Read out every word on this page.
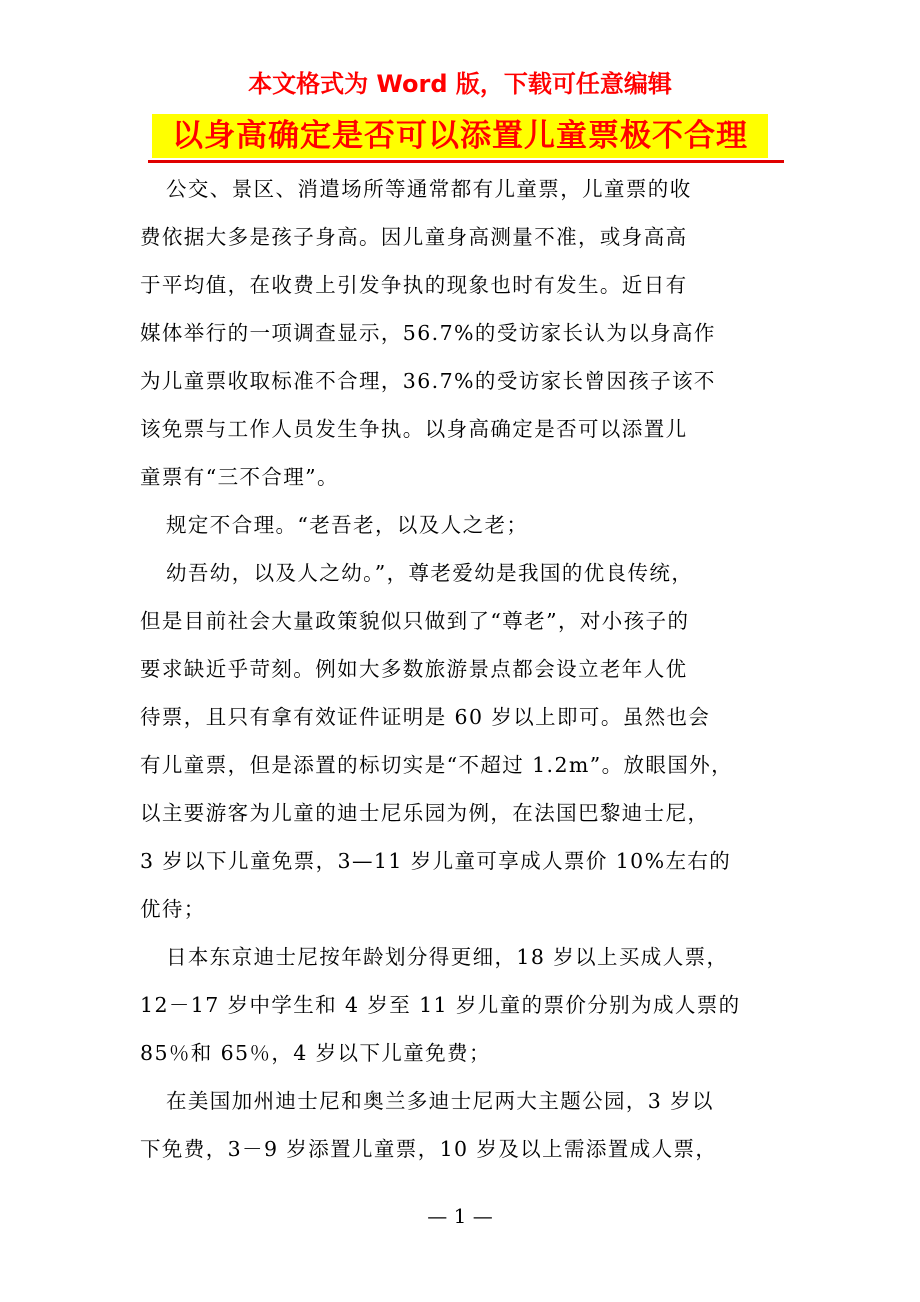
本文格式为 Word 版，下载可任意编辑
以身高确定是否可以添置儿童票极不合理
公交、景区、消遣场所等通常都有儿童票，儿童票的收
费依据大多是孩子身高。因儿童身高测量不准，或身高高
于平均值，在收费上引发争执的现象也时有发生。近日有
媒体举行的一项调查显示，56.7%的受访家长认为以身高作
为儿童票收取标准不合理，36.7%的受访家长曾因孩子该不
该免票与工作人员发生争执。以身高确定是否可以添置儿
童票有“三不合理”。
规定不合理。“老吾老，以及人之老；
幼吾幼，以及人之幼。”，尊老爱幼是我国的优良传统，
但是目前社会大量政策貌似只做到了“尊老”，对小孩子的
要求缺近乎苛刻。例如大多数旅游景点都会设立老年人优
待票，且只有拿有效证件证明是 60 岁以上即可。虽然也会
有儿童票，但是添置的标切实是“不超过 1.2m”。放眼国外，
以主要游客为儿童的迪士尼乐园为例，在法国巴黎迪士尼，
3 岁以下儿童免票，3—11 岁儿童可享成人票价 10%左右的
优待；
日本东京迪士尼按年龄划分得更细，18 岁以上买成人票，
12－17 岁中学生和 4 岁至 11 岁儿童的票价分别为成人票的
85％和 65％，4 岁以下儿童免费；
在美国加州迪士尼和奥兰多迪士尼两大主题公园，3 岁以
下免费，3－9 岁添置儿童票，10 岁及以上需添置成人票，
— 1 —
